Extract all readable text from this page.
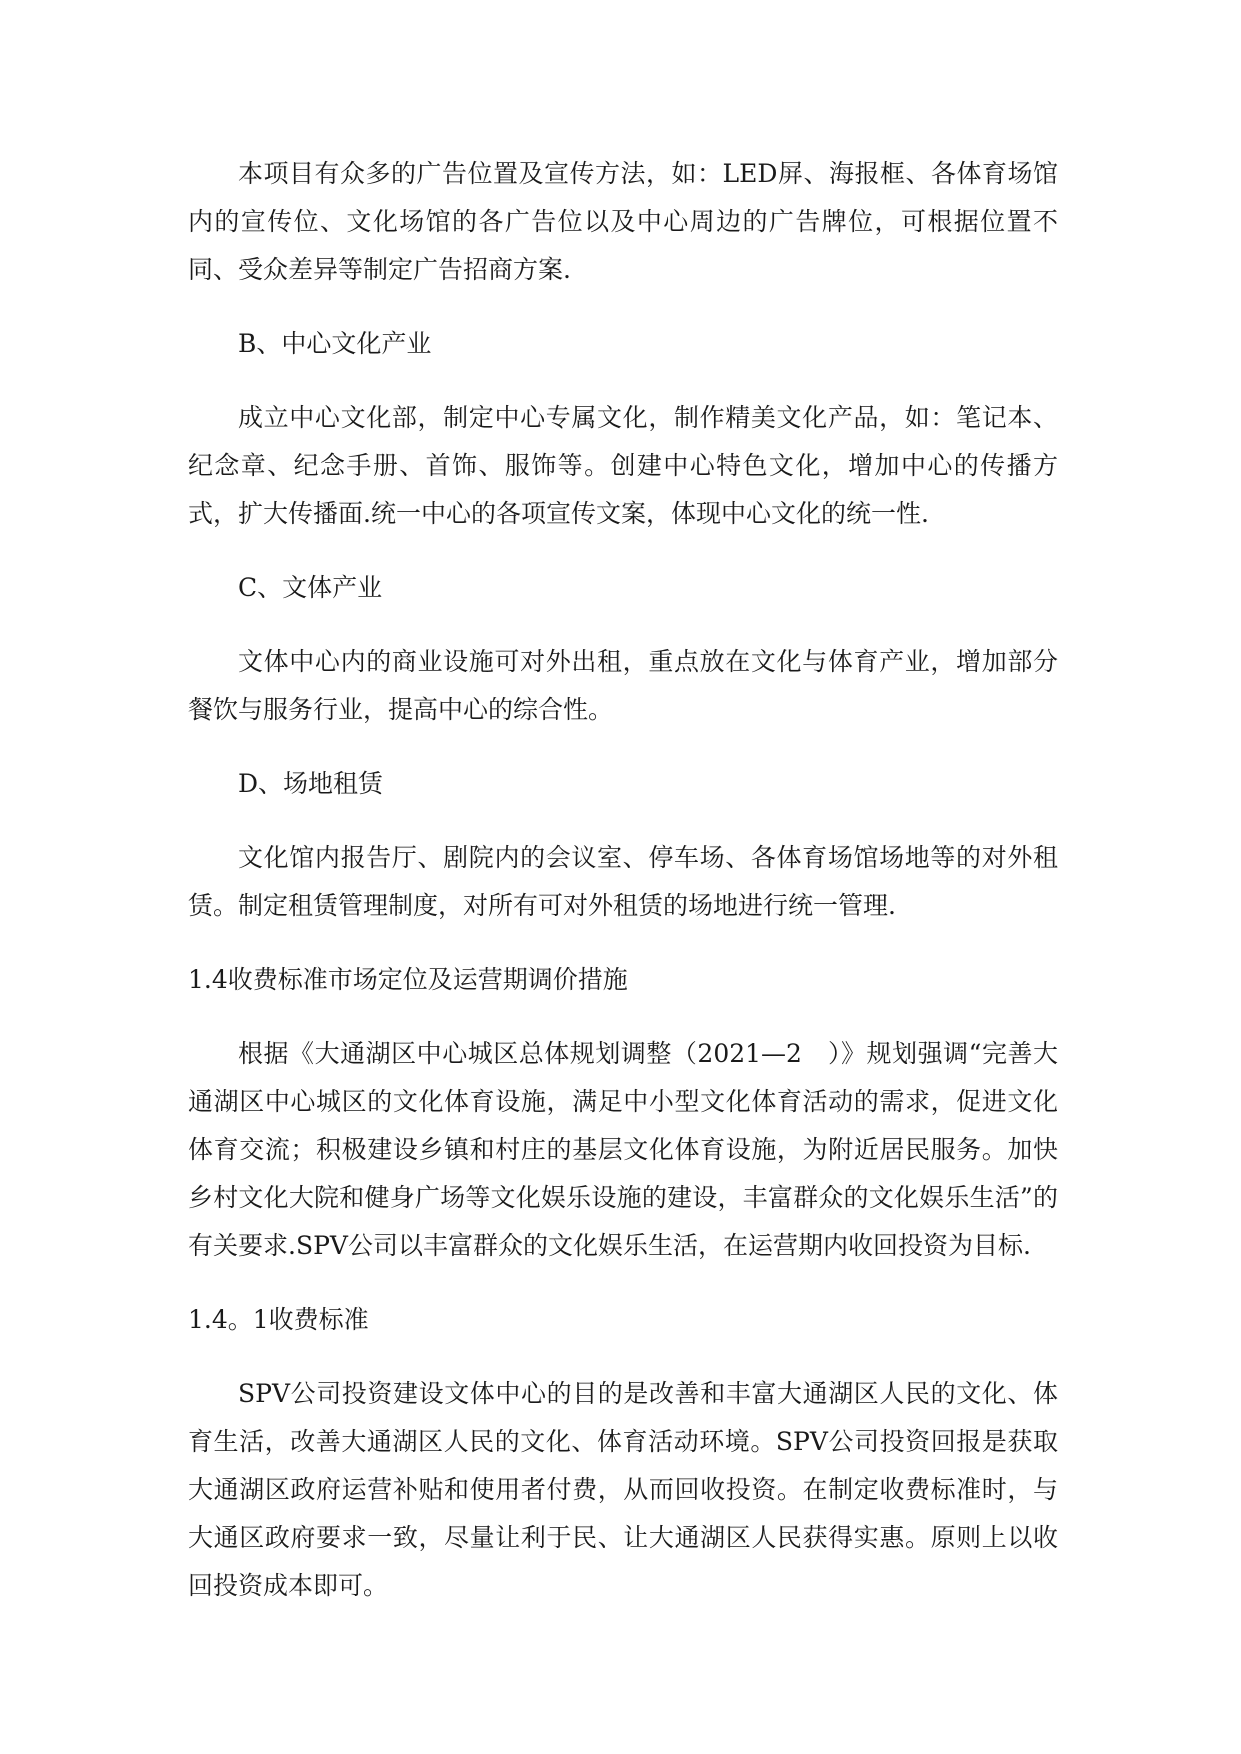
本项目有众多的广告位置及宣传方法，如：LED屏、海报框、各体育场馆内的宣传位、文化场馆的各广告位以及中心周边的广告牌位，可根据位置不同、受众差异等制定广告招商方案.

B、中心文化产业

成立中心文化部，制定中心专属文化，制作精美文化产品，如：笔记本、纪念章、纪念手册、首饰、服饰等。创建中心特色文化，增加中心的传播方式，扩大传播面.统一中心的各项宣传文案，体现中心文化的统一性.

C、文体产业

文体中心内的商业设施可对外出租，重点放在文化与体育产业，增加部分餐饮与服务行业，提高中心的综合性。

D、场地租赁

文化馆内报告厅、剧院内的会议室、停车场、各体育场馆场地等的对外租赁。制定租赁管理制度，对所有可对外租赁的场地进行统一管理.

1.4收费标准市场定位及运营期调价措施

根据《大通湖区中心城区总体规划调整（2021—2　）》规划强调“完善大通湖区中心城区的文化体育设施，满足中小型文化体育活动的需求，促进文化体育交流；积极建设乡镇和村庄的基层文化体育设施，为附近居民服务。加快乡村文化大院和健身广场等文化娱乐设施的建设，丰富群众的文化娱乐生活”的有关要求.SPV公司以丰富群众的文化娱乐生活，在运营期内收回投资为目标.

1.4。1收费标准

SPV公司投资建设文体中心的目的是改善和丰富大通湖区人民的文化、体育生活，改善大通湖区人民的文化、体育活动环境。SPV公司投资回报是获取大通湖区政府运营补贴和使用者付费，从而回收投资。在制定收费标准时，与大通区政府要求一致，尽量让利于民、让大通湖区人民获得实惠。原则上以收回投资成本即可。
